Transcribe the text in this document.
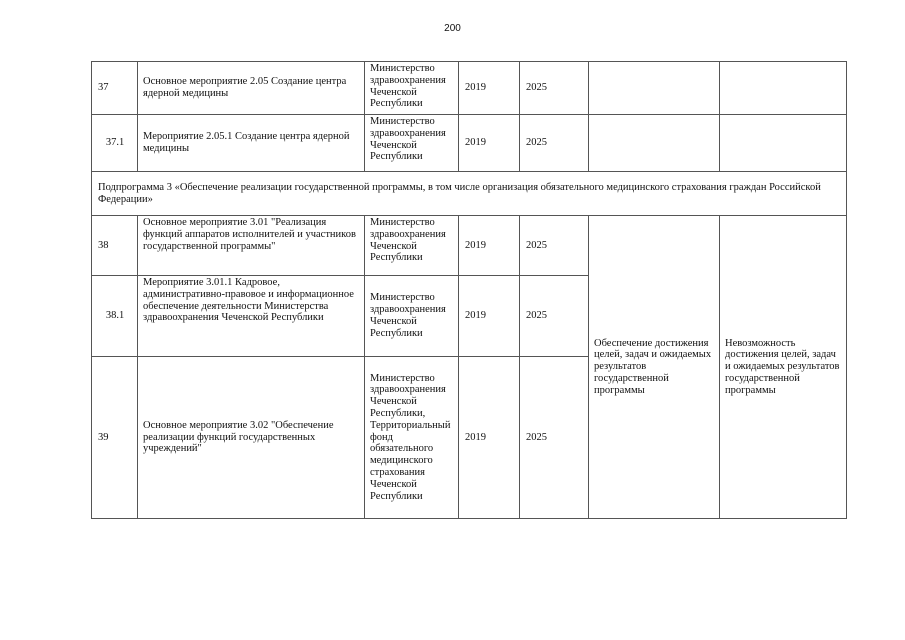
200
37	Основное мероприятие 2.05 Создание центра ядерной медицины	Министерство здравоохранения Чеченской Республики	2019	2025		
37.1	Мероприятие 2.05.1 Создание центра ядерной медицины	Министерство здравоохранения Чеченской Республики	2019	2025		
Подпрограмма 3 «Обеспечение реализации государственной программы, в том числе организация обязательного медицинского страхования граждан Российской Федерации»						
38	Основное мероприятие 3.01 "Реализация функций аппаратов исполнителей и участников государственной программы"	Министерство здравоохранения Чеченской Республики	2019	2025	Обеспечение достижения целей, задач и ожидаемых результатов государственной программы	Невозможность достижения целей, задач и ожидаемых результатов государственной программы
38.1	Мероприятие 3.01.1 Кадровое, административно-правовое и информационное обеспечение деятельности Министерства здравоохранения Чеченской Республики	Министерство здравоохранения Чеченской Республики	2019	2025		
39	Основное мероприятие 3.02 "Обеспечение реализации функций государственных учреждений"	Министерство здравоохранения Чеченской Республики, Территориальный фонд обязательного медицинского страхования Чеченской Республики	2019	2025		
